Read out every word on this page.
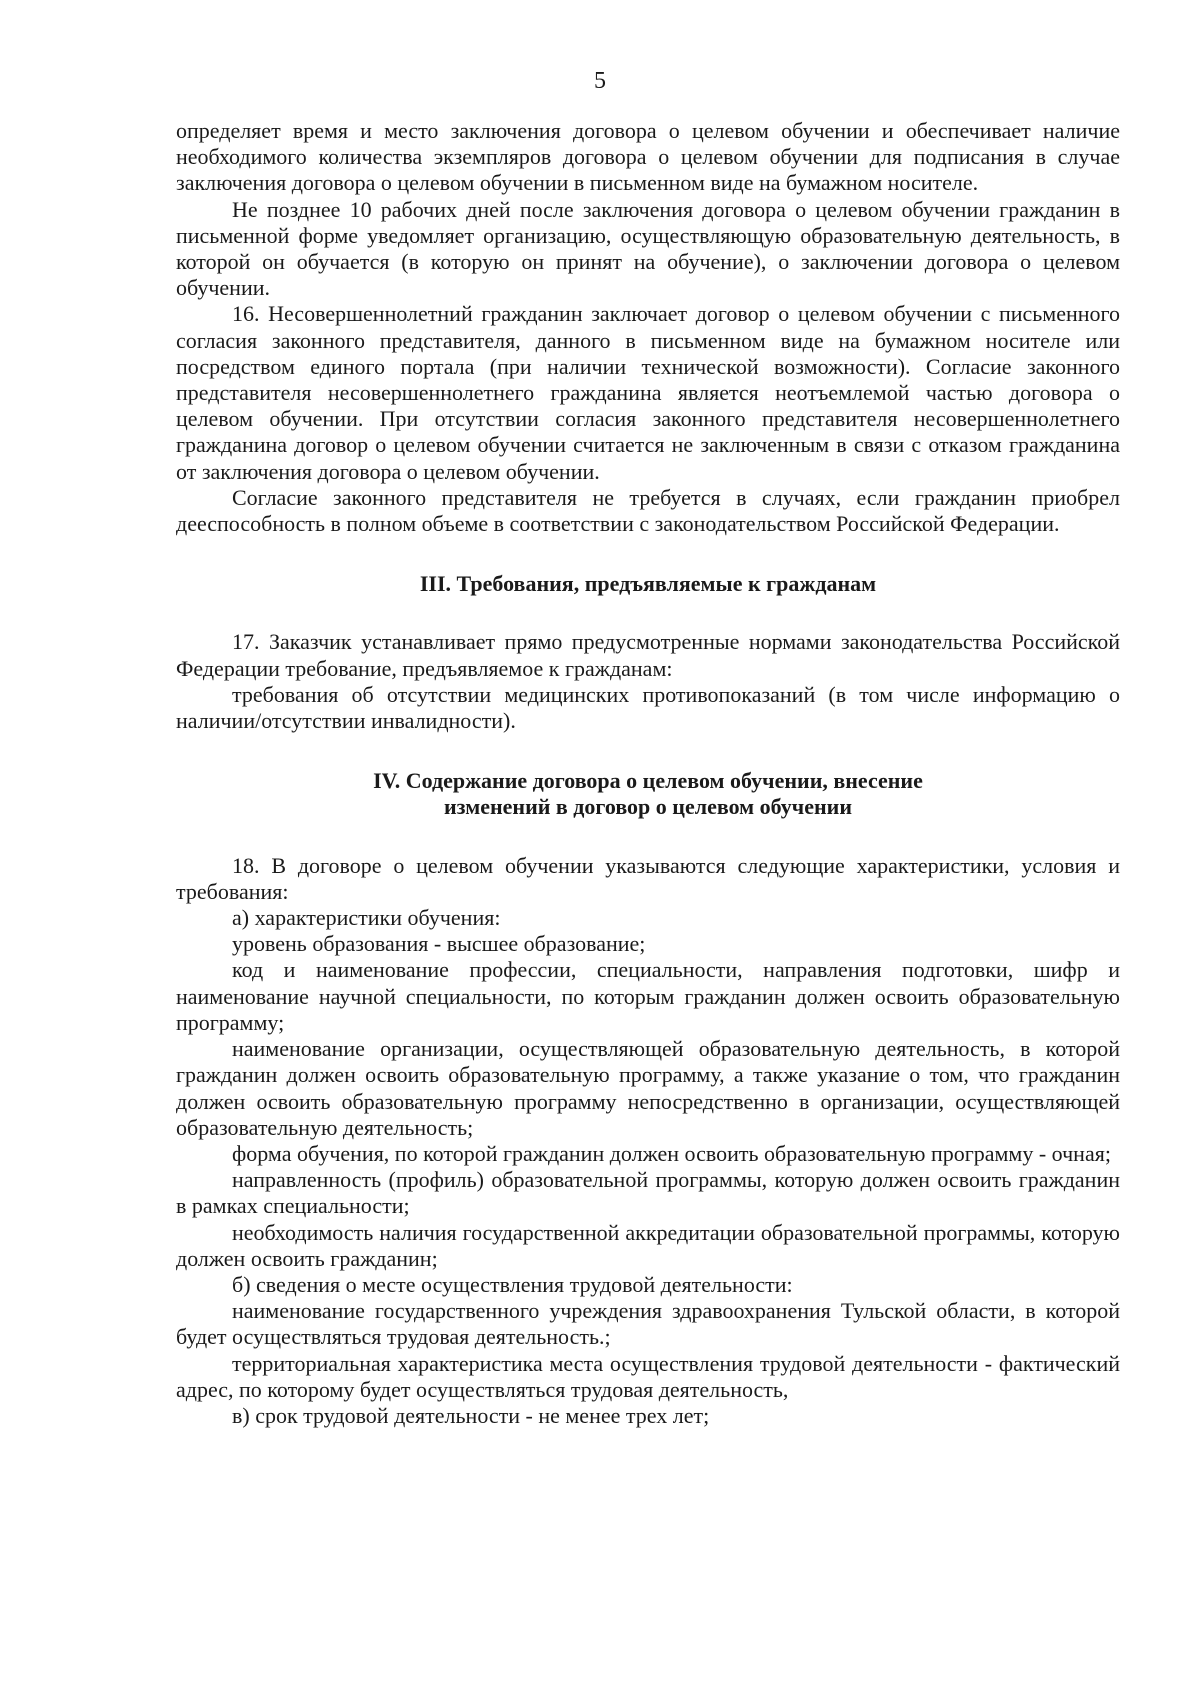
5

определяет время и место заключения договора о целевом обучении и обеспечивает наличие необходимого количества экземпляров договора о целевом обучении для подписания в случае заключения договора о целевом обучении в письменном виде на бумажном носителе.

Не позднее 10 рабочих дней после заключения договора о целевом обучении гражданин в письменной форме уведомляет организацию, осуществляющую образовательную деятельность, в которой он обучается (в которую он принят на обучение), о заключении договора о целевом обучении.

16. Несовершеннолетний гражданин заключает договор о целевом обучении с письменного согласия законного представителя, данного в письменном виде на бумажном носителе или посредством единого портала (при наличии технической возможности). Согласие законного представителя несовершеннолетнего гражданина является неотъемлемой частью договора о целевом обучении. При отсутствии согласия законного представителя несовершеннолетнего гражданина договор о целевом обучении считается не заключенным в связи с отказом гражданина от заключения договора о целевом обучении.

Согласие законного представителя не требуется в случаях, если гражданин приобрел дееспособность в полном объеме в соответствии с законодательством Российской Федерации.

III. Требования, предъявляемые к гражданам

17. Заказчик устанавливает прямо предусмотренные нормами законодательства Российской Федерации требование, предъявляемое к гражданам:

требования об отсутствии медицинских противопоказаний (в том числе информацию о наличии/отсутствии инвалидности).

IV. Содержание договора о целевом обучении, внесение
изменений в договор о целевом обучении

18. В договоре о целевом обучении указываются следующие характеристики, условия и требования:

а) характеристики обучения:

уровень образования - высшее образование;

код и наименование профессии, специальности, направления подготовки, шифр и наименование научной специальности, по которым гражданин должен освоить образовательную программу;

наименование организации, осуществляющей образовательную деятельность, в которой гражданин должен освоить образовательную программу, а также указание о том, что гражданин должен освоить образовательную программу непосредственно в организации, осуществляющей образовательную деятельность;

форма обучения, по которой гражданин должен освоить образовательную программу - очная;

направленность (профиль) образовательной программы, которую должен освоить гражданин в рамках специальности;

необходимость наличия государственной аккредитации образовательной программы, которую должен освоить гражданин;

б) сведения о месте осуществления трудовой деятельности:

наименование государственного учреждения здравоохранения Тульской области, в которой будет осуществляться трудовая деятельность.;

территориальная характеристика места осуществления трудовой деятельности - фактический адрес, по которому будет осуществляться трудовая деятельность,

в) срок трудовой деятельности - не менее трех лет;
